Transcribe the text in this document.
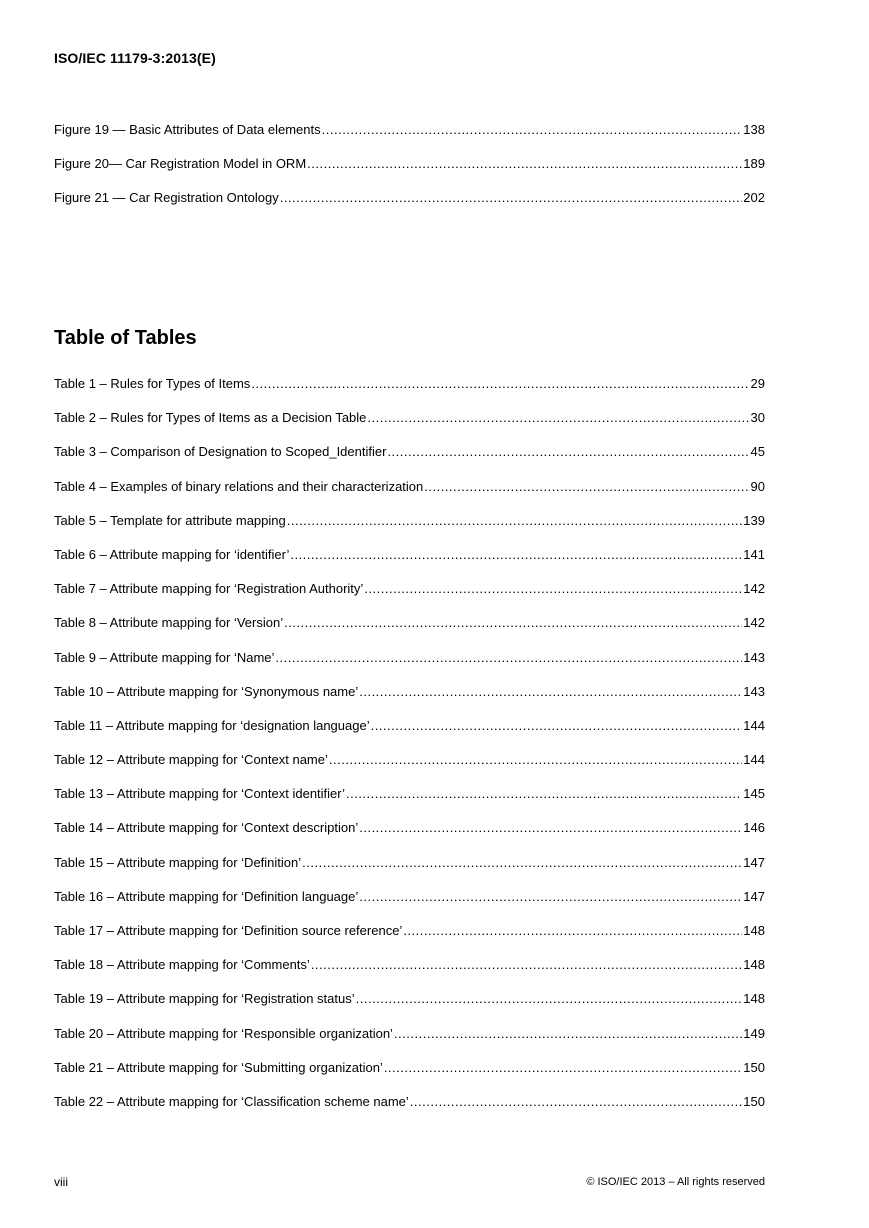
ISO/IEC 11179-3:2013(E)
Figure 19 — Basic Attributes of Data elements .....	138
Figure 20— Car Registration Model in ORM .....	189
Figure 21 — Car Registration Ontology .....	202
Table of Tables
Table 1 – Rules for Types of Items .....	29
Table 2 – Rules for Types of Items as a Decision Table .....	30
Table 3 – Comparison of Designation to Scoped_Identifier .....	45
Table 4 – Examples of binary relations and their characterization .....	90
Table 5 – Template for attribute mapping .....	139
Table 6 – Attribute mapping for ‘identifier’ .....	141
Table 7 – Attribute mapping for ‘Registration Authority’ .....	142
Table 8 – Attribute mapping for ‘Version’ .....	142
Table 9 – Attribute mapping for ‘Name’ .....	143
Table 10 – Attribute mapping for ‘Synonymous name’ .....	143
Table 11 – Attribute mapping for ‘designation language’ .....	144
Table 12 – Attribute mapping for ‘Context name’ .....	144
Table 13 – Attribute mapping for ‘Context identifier’ .....	145
Table 14 – Attribute mapping for ‘Context description’ .....	146
Table 15 – Attribute mapping for ‘Definition’ .....	147
Table 16 – Attribute mapping for ‘Definition language’ .....	147
Table 17 – Attribute mapping for ‘Definition source reference’ .....	148
Table 18 – Attribute mapping for ‘Comments’ .....	148
Table 19 – Attribute mapping for ‘Registration status’ .....	148
Table 20 – Attribute mapping for ‘Responsible organization’ .....	149
Table 21 – Attribute mapping for ‘Submitting organization’ .....	150
Table 22 – Attribute mapping for ‘Classification scheme name’ .....	150
viii	© ISO/IEC 2013 – All rights reserved
